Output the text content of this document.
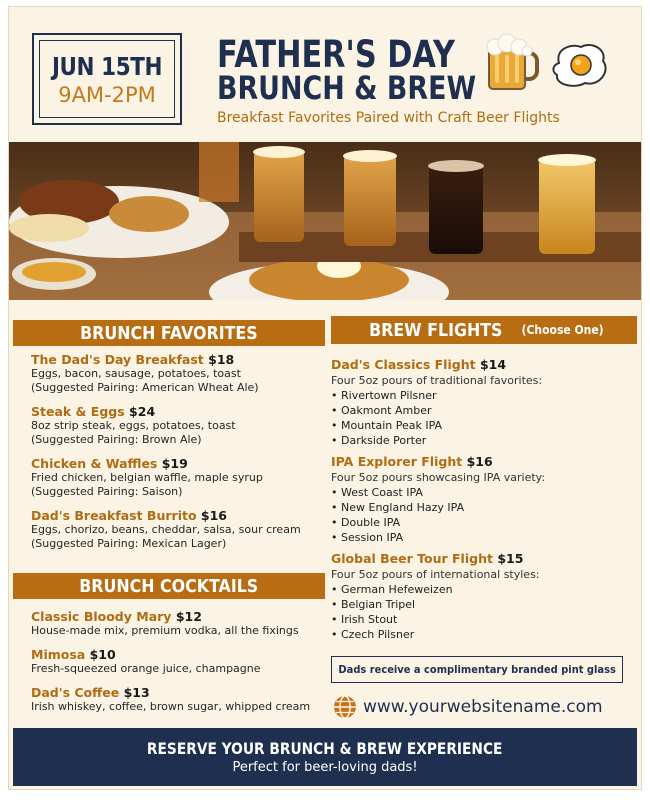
JUN 15TH
9AM-2PM
FATHER'S DAY
BRUNCH & BREW
Breakfast Favorites Paired with Craft Beer Flights
BRUNCH FAVORITES
The Dad's Day Breakfast $18
Eggs, bacon, sausage, potatoes, toast
(Suggested Pairing: American Wheat Ale)
Steak & Eggs $24
8oz strip steak, eggs, potatoes, toast
(Suggested Pairing: Brown Ale)
Chicken & Waffles $19
Fried chicken, belgian waffle, maple syrup
(Suggested Pairing: Saison)
Dad's Breakfast Burrito $16
Eggs, chorizo, beans, cheddar, salsa, sour cream
(Suggested Pairing: Mexican Lager)
BRUNCH COCKTAILS
Classic Bloody Mary $12
House-made mix, premium vodka, all the fixings
Mimosa $10
Fresh-squeezed orange juice, champagne
Dad's Coffee $13
Irish whiskey, coffee, brown sugar, whipped cream
BREW FLIGHTS (Choose One)
Dad's Classics Flight $14
Four 5oz pours of traditional favorites:
• Rivertown Pilsner
• Oakmont Amber
• Mountain Peak IPA
• Darkside Porter
IPA Explorer Flight $16
Four 5oz pours showcasing IPA variety:
• West Coast IPA
• New England Hazy IPA
• Double IPA
• Session IPA
Global Beer Tour Flight $15
Four 5oz pours of international styles:
• German Hefeweizen
• Belgian Tripel
• Irish Stout
• Czech Pilsner
Dads receive a complimentary branded pint glass
www.yourwebsitename.com
RESERVE YOUR BRUNCH & BREW EXPERIENCE
Perfect for beer-loving dads!
